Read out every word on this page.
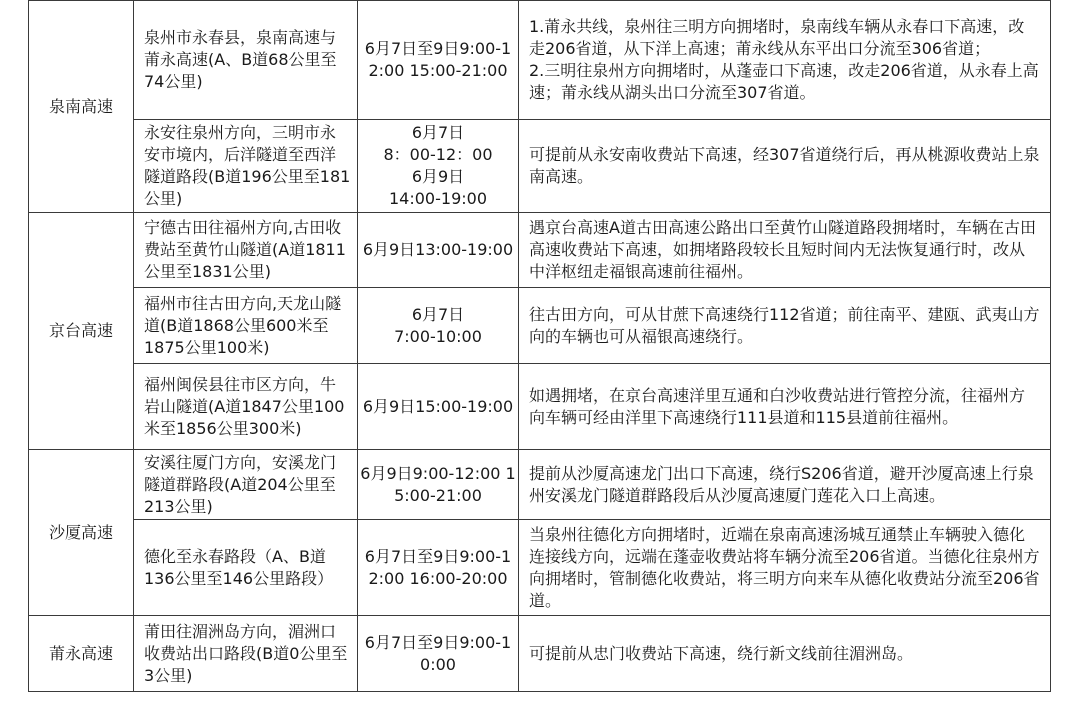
泉南高速	泉州市永春县，泉南高速与莆永高速(A、B道68公里至74公里)	6月7日至9日9:00-12:00 15:00-21:00	1.莆永共线，泉州往三明方向拥堵时，泉南线车辆从永春口下高速，改走206省道，从下洋上高速；莆永线从东平出口分流至306省道；
2.三明往泉州方向拥堵时，从蓬壶口下高速，改走206省道，从永春上高速；莆永线从湖头出口分流至307省道。

	永安往泉州方向，三明市永安市境内，后洋隧道至西洋隧道路段(B道196公里至181公里)	6月7日
8：00-12：00
6月9日
14:00-19:00	可提前从永安南收费站下高速，经307省道绕行后，再从桃源收费站上泉南高速。

京台高速	宁德古田往福州方向,古田收费站至黄竹山隧道(A道1811公里至1831公里)	6月9日13:00-19:00	遇京台高速A道古田高速公路出口至黄竹山隧道路段拥堵时，车辆在古田高速收费站下高速，如拥堵路段较长且短时间内无法恢复通行时，改从中洋枢纽走福银高速前往福州。

	福州市往古田方向,天龙山隧道(B道1868公里600米至1875公里100米)	6月7日
7:00-10:00	往古田方向，可从甘蔗下高速绕行112省道；前往南平、建瓯、武夷山方向的车辆也可从福银高速绕行。

	福州闽侯县往市区方向，牛岩山隧道(A道1847公里100米至1856公里300米)	6月9日15:00-19:00	如遇拥堵，在京台高速洋里互通和白沙收费站进行管控分流，往福州方向车辆可经由洋里下高速绕行111县道和115县道前往福州。

沙厦高速	安溪往厦门方向，安溪龙门隧道群路段(A道204公里至213公里)	6月9日9:00-12:00 15:00-21:00	提前从沙厦高速龙门出口下高速，绕行S206省道，避开沙厦高速上行泉州安溪龙门隧道群路段后从沙厦高速厦门莲花入口上高速。

	德化至永春路段（A、B道136公里至146公里路段）	6月7日至9日9:00-12:00 16:00-20:00	当泉州往德化方向拥堵时，近端在泉南高速汤城互通禁止车辆驶入德化连接线方向，远端在蓬壶收费站将车辆分流至206省道。当德化往泉州方向拥堵时，管制德化收费站，将三明方向来车从德化收费站分流至206省道。

莆永高速	莆田往湄洲岛方向，湄洲口收费站出口路段(B道0公里至3公里)	6月7日至9日9:00-10:00	可提前从忠门收费站下高速，绕行新文线前往湄洲岛。
